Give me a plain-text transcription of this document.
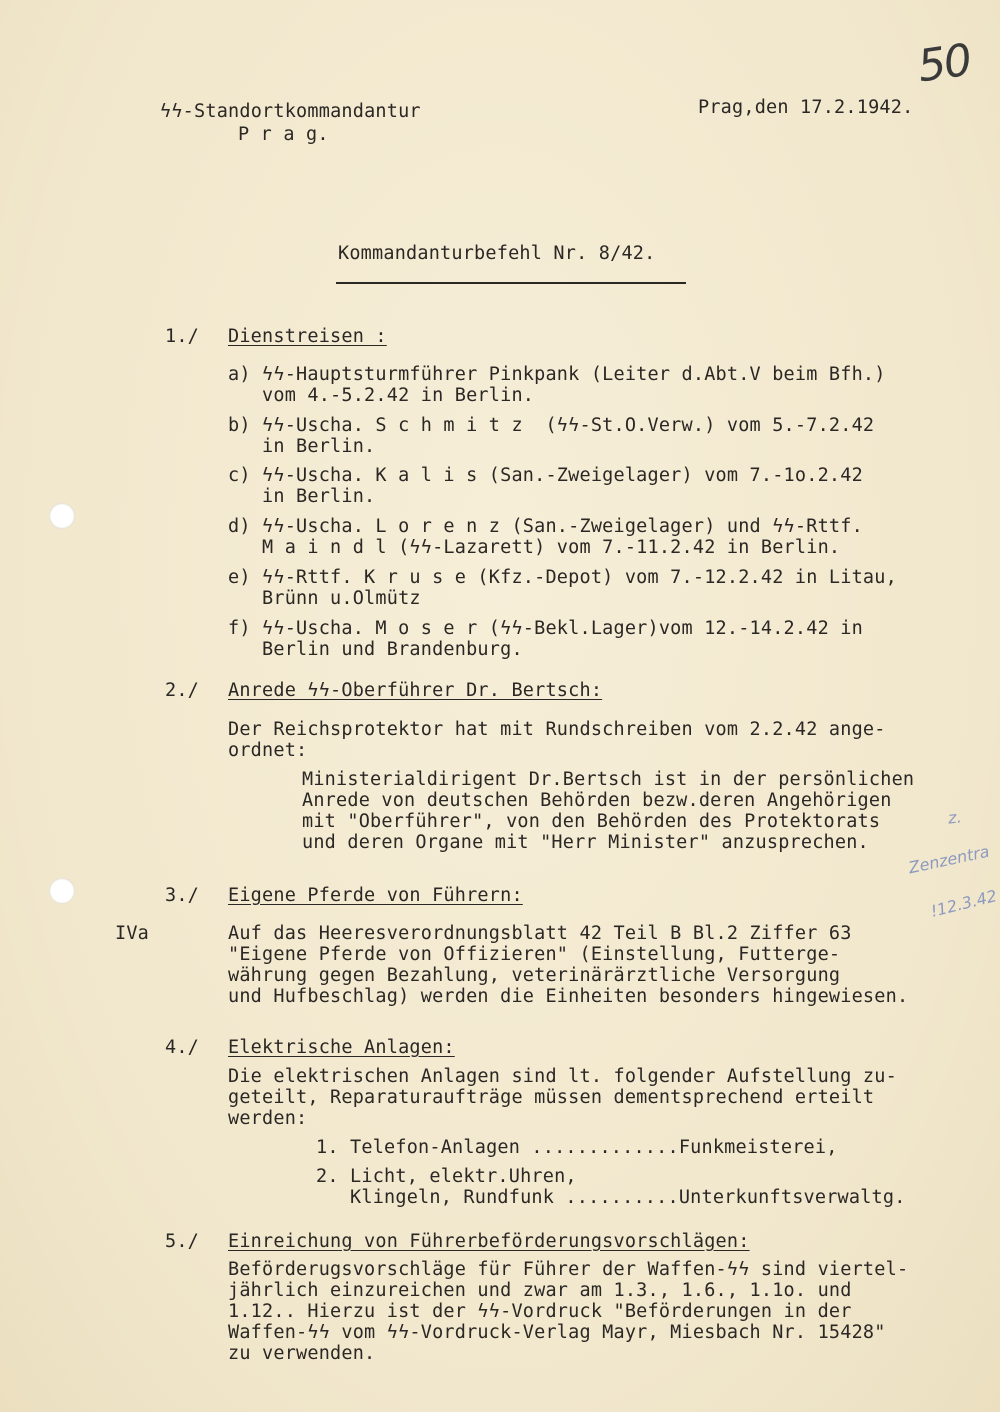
50
ϟϟ-Standortkommandantur
P r a g.
Prag,den 17.2.1942.
Kommandanturbefehl Nr. 8/42.
1./ Dienstreisen :
a) ϟϟ-Hauptsturmführer Pinkpank (Leiter d.Abt.V beim Bfh.)
vom 4.-5.2.42 in Berlin.
b) ϟϟ-Uscha. S c h m i t z  (ϟϟ-St.O.Verw.) vom 5.-7.2.42
in Berlin.
c) ϟϟ-Uscha. K a l i s (San.-Zweigelager) vom 7.-1o.2.42
in Berlin.
d) ϟϟ-Uscha. L o r e n z (San.-Zweigelager) und ϟϟ-Rttf.
M a i n d l (ϟϟ-Lazarett) vom 7.-11.2.42 in Berlin.
e) ϟϟ-Rttf. K r u s e (Kfz.-Depot) vom 7.-12.2.42 in Litau,
Brünn u.Olmütz
f) ϟϟ-Uscha. M o s e r (ϟϟ-Bekl.Lager)vom 12.-14.2.42 in
Berlin und Brandenburg.
2./ Anrede ϟϟ-Oberführer Dr. Bertsch:
Der Reichsprotektor hat mit Rundschreiben vom 2.2.42 ange-
ordnet:
Ministerialdirigent Dr.Bertsch ist in der persönlichen
Anrede von deutschen Behörden bezw.deren Angehörigen
mit "Oberführer", von den Behörden des Protektorats
und deren Organe mit "Herr Minister" anzusprechen.
z.
Zenzentra
!12.3.42
3./ Eigene Pferde von Führern:
IVa	Auf das Heeresverordnungsblatt 42 Teil B Bl.2 Ziffer 63
"Eigene Pferde von Offizieren" (Einstellung, Futterge-
währung gegen Bezahlung, veterinärärztliche Versorgung
und Hufbeschlag) werden die Einheiten besonders hingewiesen.
4./ Elektrische Anlagen:
Die elektrischen Anlagen sind lt. folgender Aufstellung zu-
geteilt, Reparaturaufträge müssen dementsprechend erteilt
werden:
1. Telefon-Anlagen .............Funkmeisterei,
2. Licht, elektr.Uhren,
Klingeln, Rundfunk ..........Unterkunftsverwaltg.
5./ Einreichung von Führerbeförderungsvorschlägen:
Beförderugsvorschläge für Führer der Waffen-ϟϟ sind viertel-
jährlich einzureichen und zwar am 1.3., 1.6., 1.1o. und
1.12.. Hierzu ist der ϟϟ-Vordruck "Beförderungen in der
Waffen-ϟϟ vom ϟϟ-Vordruck-Verlag Mayr, Miesbach Nr. 15428"
zu verwenden.
